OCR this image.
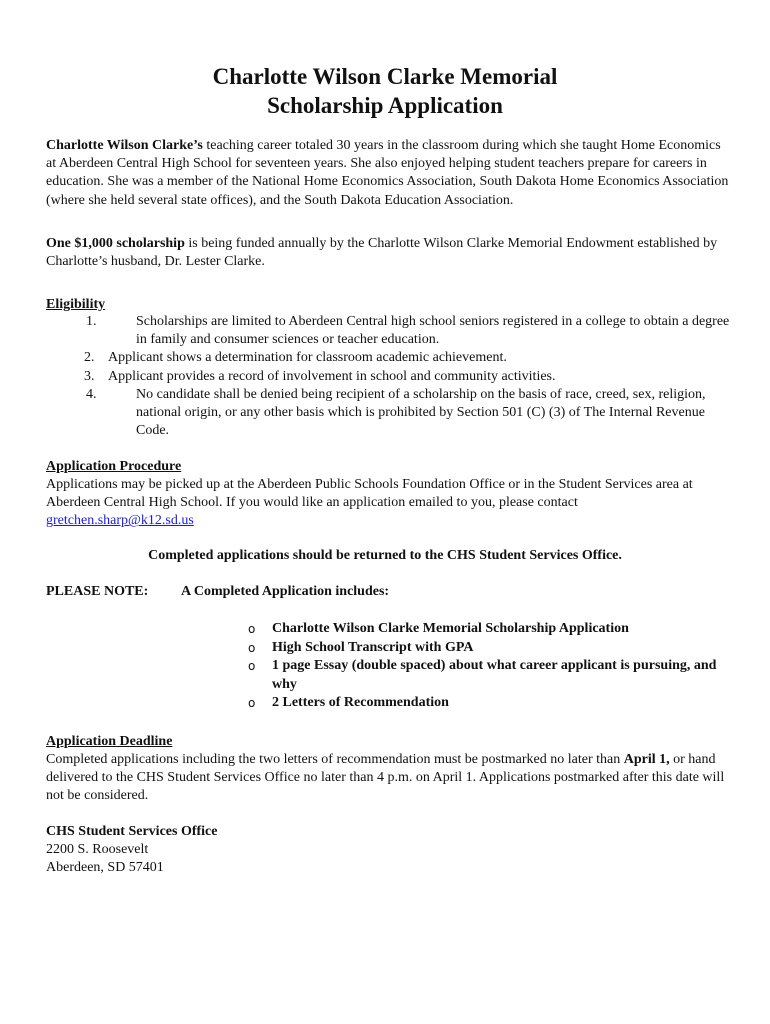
Charlotte Wilson Clarke Memorial
Scholarship Application
Charlotte Wilson Clarke’s teaching career totaled 30 years in the classroom during which she taught Home Economics at Aberdeen Central High School for seventeen years. She also enjoyed helping student teachers prepare for careers in education. She was a member of the National Home Economics Association, South Dakota Home Economics Association (where she held several state offices), and the South Dakota Education Association.
One $1,000 scholarship is being funded annually by the Charlotte Wilson Clarke Memorial Endowment established by Charlotte’s husband, Dr. Lester Clarke.
Eligibility
1.	Scholarships are limited to Aberdeen Central high school seniors registered in a college to obtain a degree in family and consumer sciences or teacher education.
2. Applicant shows a determination for classroom academic achievement.
3. Applicant provides a record of involvement in school and community activities.
4.	No candidate shall be denied being recipient of a scholarship on the basis of race, creed, sex, religion, national origin, or any other basis which is prohibited by Section 501 (C) (3) of The Internal Revenue Code.
Application Procedure
Applications may be picked up at the Aberdeen Public Schools Foundation Office or in the Student Services area at Aberdeen Central High School. If you would like an application emailed to you, please contact
gretchen.sharp@k12.sd.us
Completed applications should be returned to the CHS Student Services Office.
PLEASE NOTE: A Completed Application includes:
o Charlotte Wilson Clarke Memorial Scholarship Application
o High School Transcript with GPA
o 1 page Essay (double spaced) about what career applicant is pursuing, and why
o 2 Letters of Recommendation
Application Deadline
Completed applications including the two letters of recommendation must be postmarked no later than April 1, or hand delivered to the CHS Student Services Office no later than 4 p.m. on April 1. Applications postmarked after this date will not be considered.
CHS Student Services Office
2200 S. Roosevelt
Aberdeen, SD 57401
